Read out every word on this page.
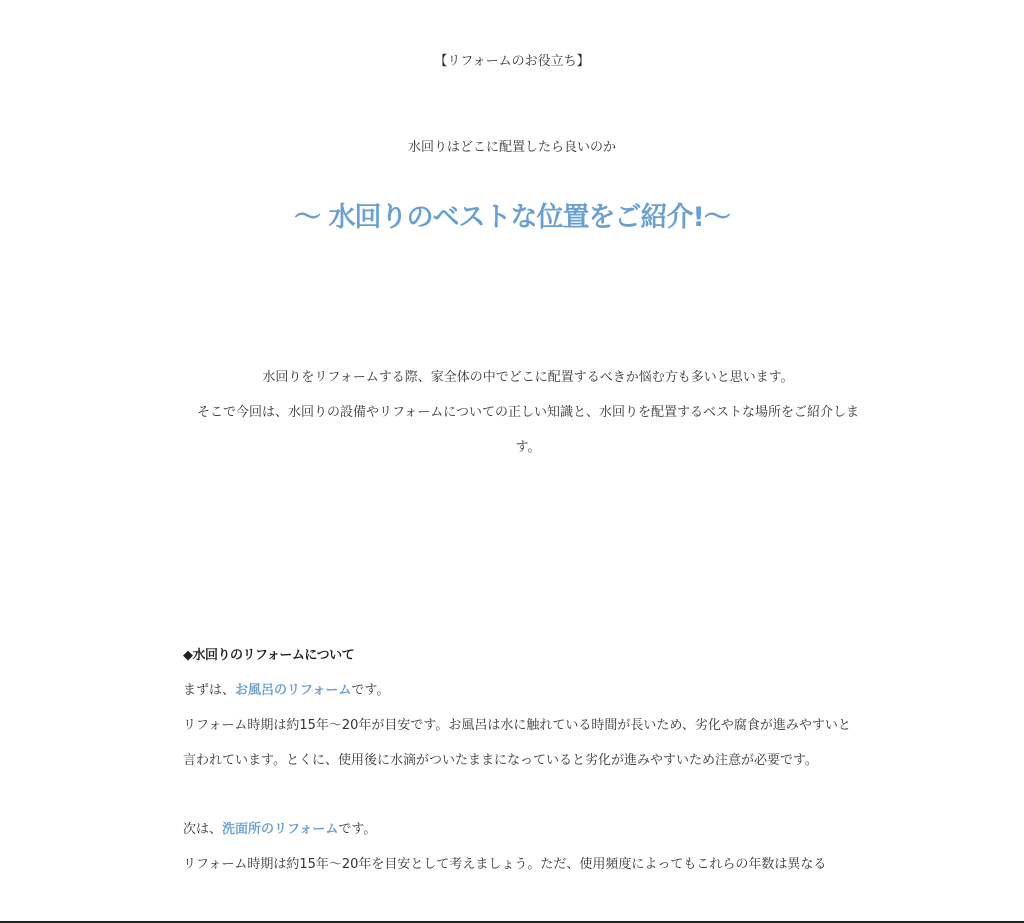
【リフォームのお役立ち】
水回りはどこに配置したら良いのか
〜 水回りのベストな位置をご紹介!〜

水回りをリフォームする際、家全体の中でどこに配置するべきか悩む方も多いと思います。

そこで今回は、水回りの設備やリフォームについての正しい知識と、水回りを配置するベストな場所をご紹介します。

◆水回りのリフォームについて

まずは、お風呂のリフォームです。

リフォーム時期は約15年〜20年が目安です。お風呂は水に触れている時間が長いため、劣化や腐食が進みやすいと言われています。とくに、使用後に水滴がついたままになっていると劣化が進みやすいため注意が必要です。

次は、洗面所のリフォームです。

リフォーム時期は約15年〜20年を目安として考えましょう。ただ、使用頻度によってもこれらの年数は異なる
